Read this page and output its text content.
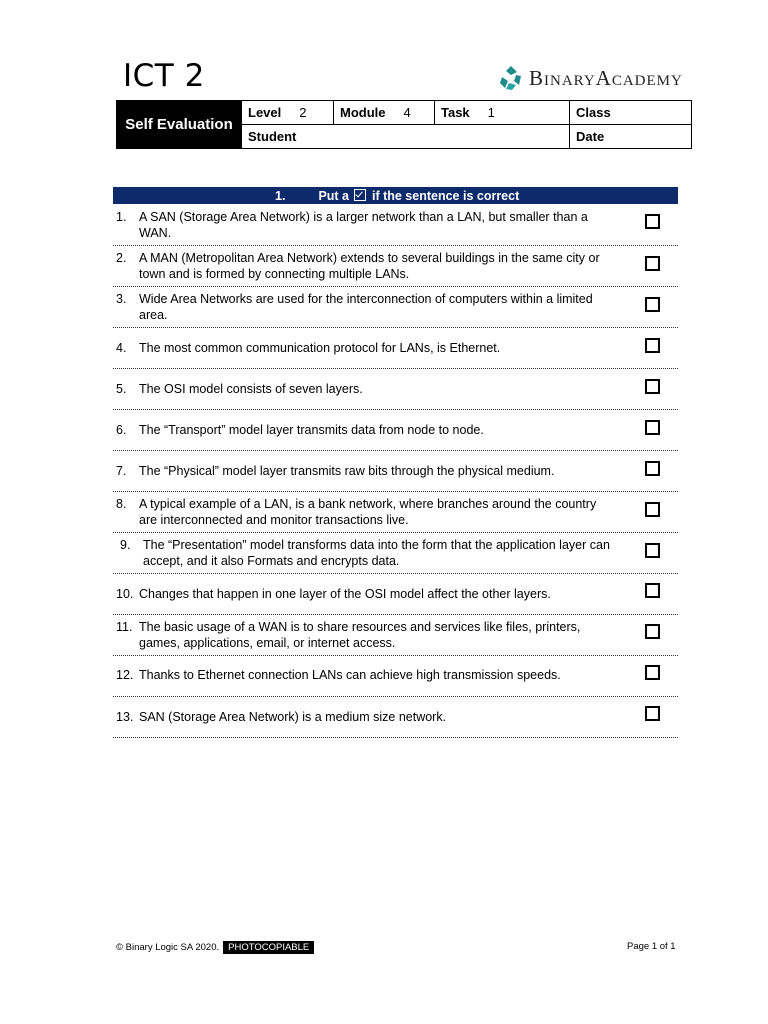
ICT 2	BinaryAcademy
Self Evaluation	Level 2	Module 4	Task 1	Class
	Student			Date
1.	Put a if the sentence is correct
1. A SAN (Storage Area Network) is a larger network than a LAN, but smaller than a WAN.
2. A MAN (Metropolitan Area Network) extends to several buildings in the same city or town and is formed by connecting multiple LANs.
3. Wide Area Networks are used for the interconnection of computers within a limited area.
4. The most common communication protocol for LANs, is Ethernet.
5. The OSI model consists of seven layers.
6. The “Transport” model layer transmits data from node to node.
7. The “Physical” model layer transmits raw bits through the physical medium.
8. A typical example of a LAN, is a bank network, where branches around the country are interconnected and monitor transactions live.
9. The “Presentation” model transforms data into the form that the application layer can accept, and it also Formats and encrypts data.
10. Changes that happen in one layer of the OSI model affect the other layers.
11. The basic usage of a WAN is to share resources and services like files, printers, games, applications, email, or internet access.
12. Thanks to Ethernet connection LANs can achieve high transmission speeds.
13. SAN (Storage Area Network) is a medium size network.
© Binary Logic SA 2020. PHOTOCOPIABLE	Page 1 of 1
